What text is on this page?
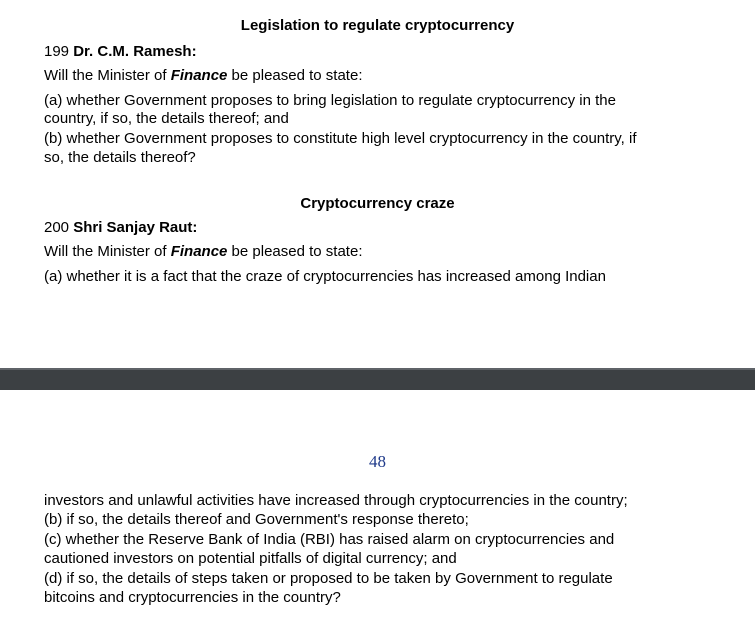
Legislation to regulate cryptocurrency
199 Dr. C.M. Ramesh:
Will the Minister of Finance be pleased to state:
(a) whether Government proposes to bring legislation to regulate cryptocurrency in the
country, if so, the details thereof; and
(b) whether Government proposes to constitute high level cryptocurrency in the country, if
so, the details thereof?
Cryptocurrency craze
200 Shri Sanjay Raut:
Will the Minister of Finance be pleased to state:
(a) whether it is a fact that the craze of cryptocurrencies has increased among Indian
48
investors and unlawful activities have increased through cryptocurrencies in the country;
(b) if so, the details thereof and Government's response thereto;
(c) whether the Reserve Bank of India (RBI) has raised alarm on cryptocurrencies and
cautioned investors on potential pitfalls of digital currency; and
(d) if so, the details of steps taken or proposed to be taken by Government to regulate
bitcoins and cryptocurrencies in the country?
